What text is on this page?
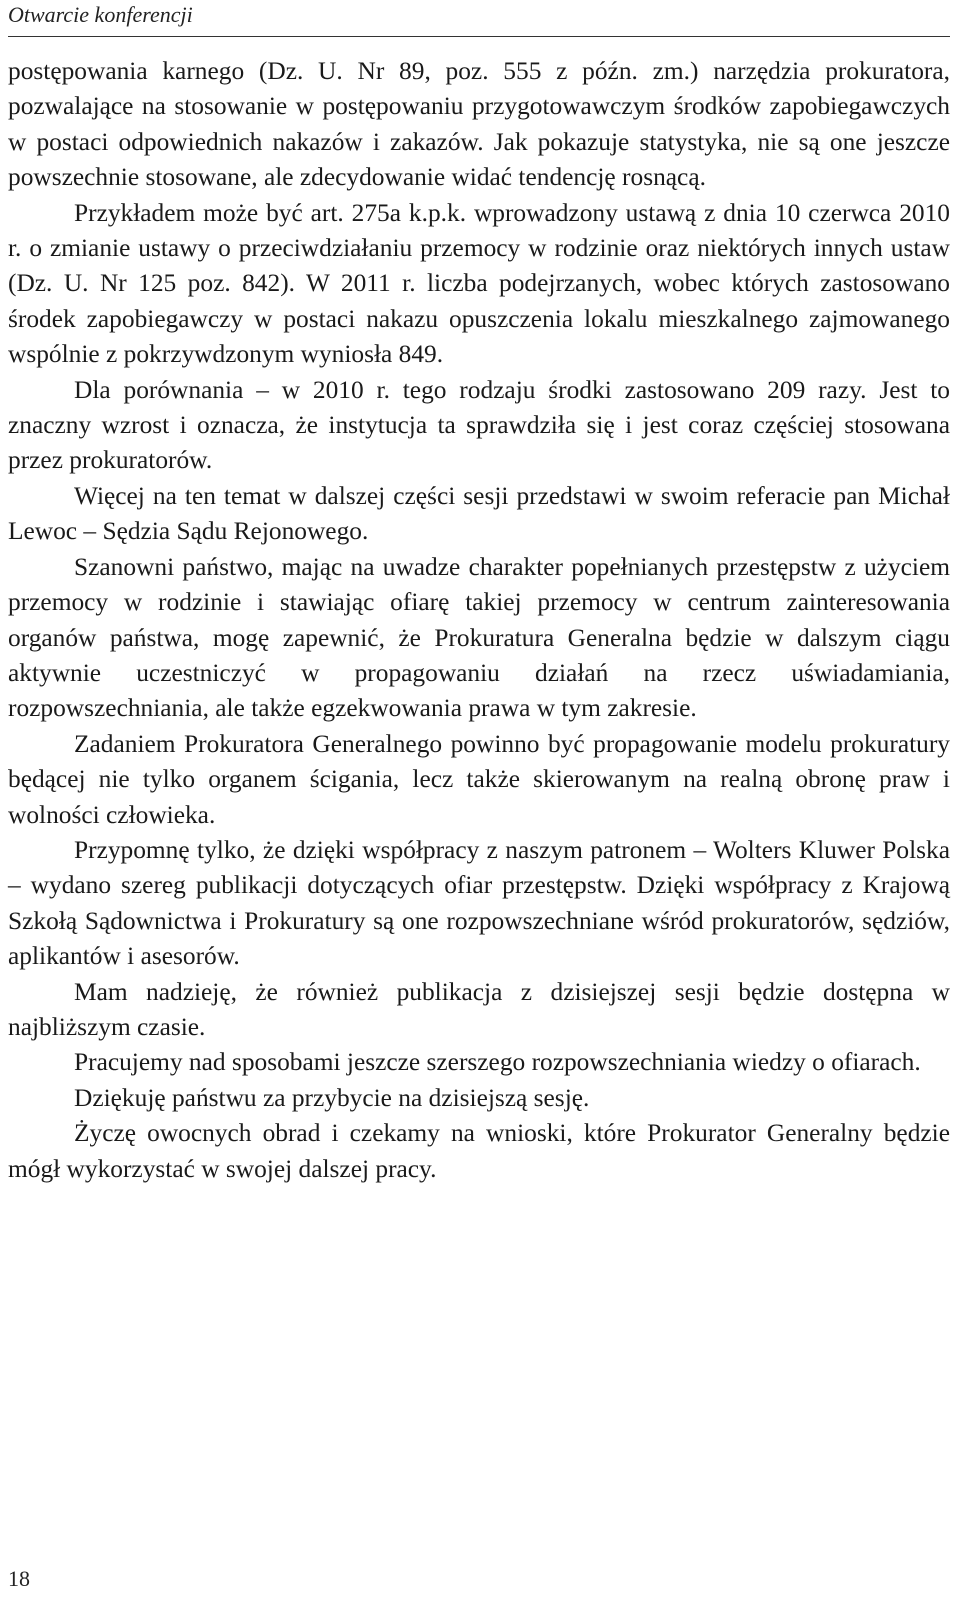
Otwarcie konferencji

postępowania karnego (Dz. U. Nr 89, poz. 555 z późn. zm.) narzędzia prokuratora, pozwalające na stosowanie w postępowaniu przygotowawczym środków zapobiegawczych w postaci odpowiednich nakazów i zakazów. Jak pokazuje statystyka, nie są one jeszcze powszechnie stosowane, ale zdecydowanie widać tendencję rosnącą.

Przykładem może być art. 275a k.p.k. wprowadzony ustawą z dnia 10 czerwca 2010 r. o zmianie ustawy o przeciwdziałaniu przemocy w rodzinie oraz niektórych innych ustaw (Dz. U. Nr 125 poz. 842). W 2011 r. liczba podejrzanych, wobec których zastosowano środek zapobiegawczy w postaci nakazu opuszczenia lokalu mieszkalnego zajmowanego wspólnie z pokrzywdzonym wyniosła 849.

Dla porównania – w 2010 r. tego rodzaju środki zastosowano 209 razy. Jest to znaczny wzrost i oznacza, że instytucja ta sprawdziła się i jest coraz częściej stosowana przez prokuratorów.

Więcej na ten temat w dalszej części sesji przedstawi w swoim referacie pan Michał Lewoc – Sędzia Sądu Rejonowego.

Szanowni państwo, mając na uwadze charakter popełnianych przestępstw z użyciem przemocy w rodzinie i stawiając ofiarę takiej przemocy w centrum zainteresowania organów państwa, mogę zapewnić, że Prokuratura Generalna będzie w dalszym ciągu aktywnie uczestniczyć w propagowaniu działań na rzecz uświadamiania, rozpowszechniania, ale także egzekwowania prawa w tym zakresie.

Zadaniem Prokuratora Generalnego powinno być propagowanie modelu prokuratury będącej nie tylko organem ścigania, lecz także skierowanym na realną obronę praw i wolności człowieka.

Przypomnę tylko, że dzięki współpracy z naszym patronem – Wolters Kluwer Polska – wydano szereg publikacji dotyczących ofiar przestępstw. Dzięki współpracy z Krajową Szkołą Sądownictwa i Prokuratury są one rozpowszechniane wśród prokuratorów, sędziów, aplikantów i asesorów.

Mam nadzieję, że również publikacja z dzisiejszej sesji będzie dostępna w najbliższym czasie.

Pracujemy nad sposobami jeszcze szerszego rozpowszechniania wiedzy o ofiarach.

Dziękuję państwu za przybycie na dzisiejszą sesję.

Życzę owocnych obrad i czekamy na wnioski, które Prokurator Generalny będzie mógł wykorzystać w swojej dalszej pracy.

18
